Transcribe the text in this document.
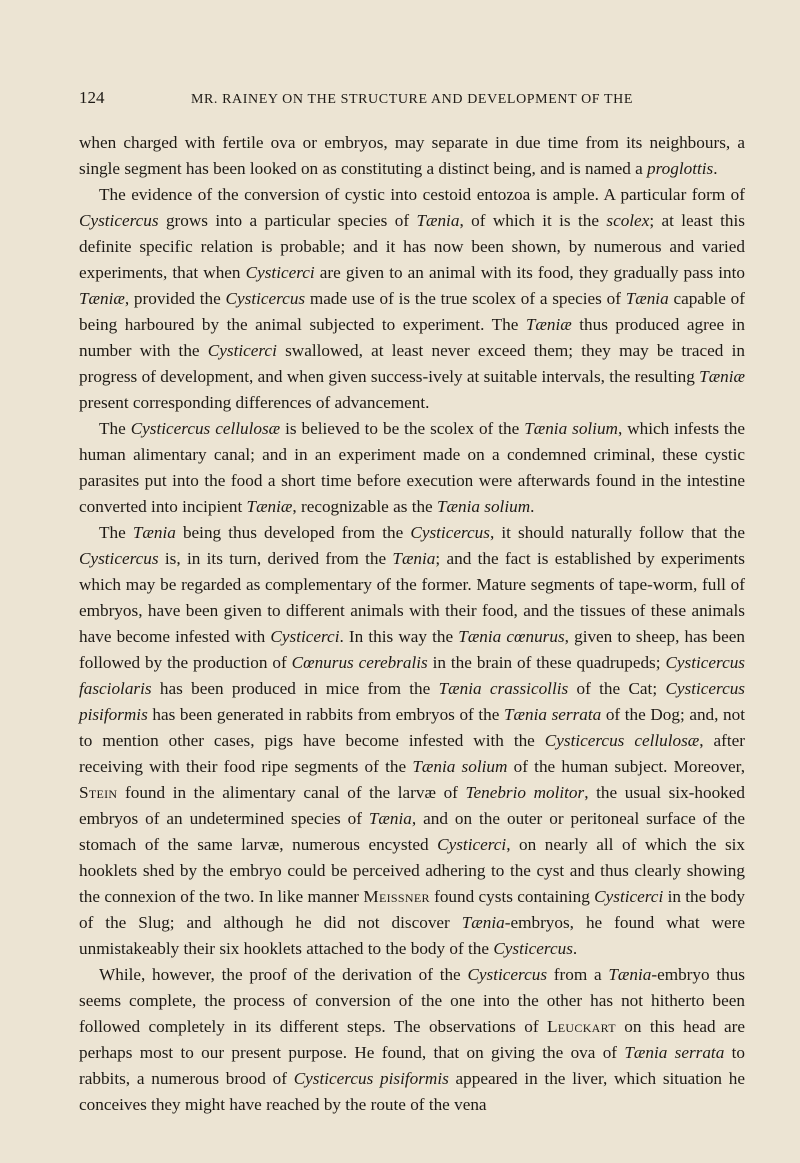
124	MR. RAINEY ON THE STRUCTURE AND DEVELOPMENT OF THE

when charged with fertile ova or embryos, may separate in due time from its neighbours, a single segment has been looked on as constituting a distinct being, and is named a proglottis.

The evidence of the conversion of cystic into cestoid entozoa is ample. A particular form of Cysticercus grows into a particular species of Tænia, of which it is the scolex; at least this definite specific relation is probable; and it has now been shown, by numerous and varied experiments, that when Cysticerci are given to an animal with its food, they gradually pass into Tæniæ, provided the Cysticercus made use of is the true scolex of a species of Tænia capable of being harboured by the animal subjected to experiment. The Tæniæ thus produced agree in number with the Cysticerci swallowed, at least never exceed them; they may be traced in progress of development, and when given success-ively at suitable intervals, the resulting Tæniæ present corresponding differences of advancement.

The Cysticercus cellulosæ is believed to be the scolex of the Tænia solium, which infests the human alimentary canal; and in an experiment made on a condemned criminal, these cystic parasites put into the food a short time before execution were afterwards found in the intestine converted into incipient Tæniæ, recognizable as the Tænia solium.

The Tænia being thus developed from the Cysticercus, it should naturally follow that the Cysticercus is, in its turn, derived from the Tænia; and the fact is established by experiments which may be regarded as complementary of the former. Mature segments of tape-worm, full of embryos, have been given to different animals with their food, and the tissues of these animals have become infested with Cysticerci. In this way the Tænia cœnurus, given to sheep, has been followed by the production of Cœnurus cerebralis in the brain of these quadrupeds; Cysticercus fasciolaris has been produced in mice from the Tænia crassicollis of the Cat; Cysticercus pisiformis has been generated in rabbits from embryos of the Tænia serrata of the Dog; and, not to mention other cases, pigs have become infested with the Cysticercus cellulosæ, after receiving with their food ripe segments of the Tænia solium of the human subject. Moreover, Stein found in the alimentary canal of the larvæ of Tenebrio molitor, the usual six-hooked embryos of an undetermined species of Tænia, and on the outer or peritoneal surface of the stomach of the same larvæ, numerous encysted Cysticerci, on nearly all of which the six hooklets shed by the embryo could be perceived adhering to the cyst and thus clearly showing the connexion of the two. In like manner Meissner found cysts containing Cysticerci in the body of the Slug; and although he did not discover Tænia-embryos, he found what were unmistakeably their six hooklets attached to the body of the Cysticercus.

While, however, the proof of the derivation of the Cysticercus from a Tænia-embryo thus seems complete, the process of conversion of the one into the other has not hitherto been followed completely in its different steps. The observations of Leuckart on this head are perhaps most to our present purpose. He found, that on giving the ova of Tænia serrata to rabbits, a numerous brood of Cysticercus pisiformis appeared in the liver, which situation he conceives they might have reached by the route of the vena
